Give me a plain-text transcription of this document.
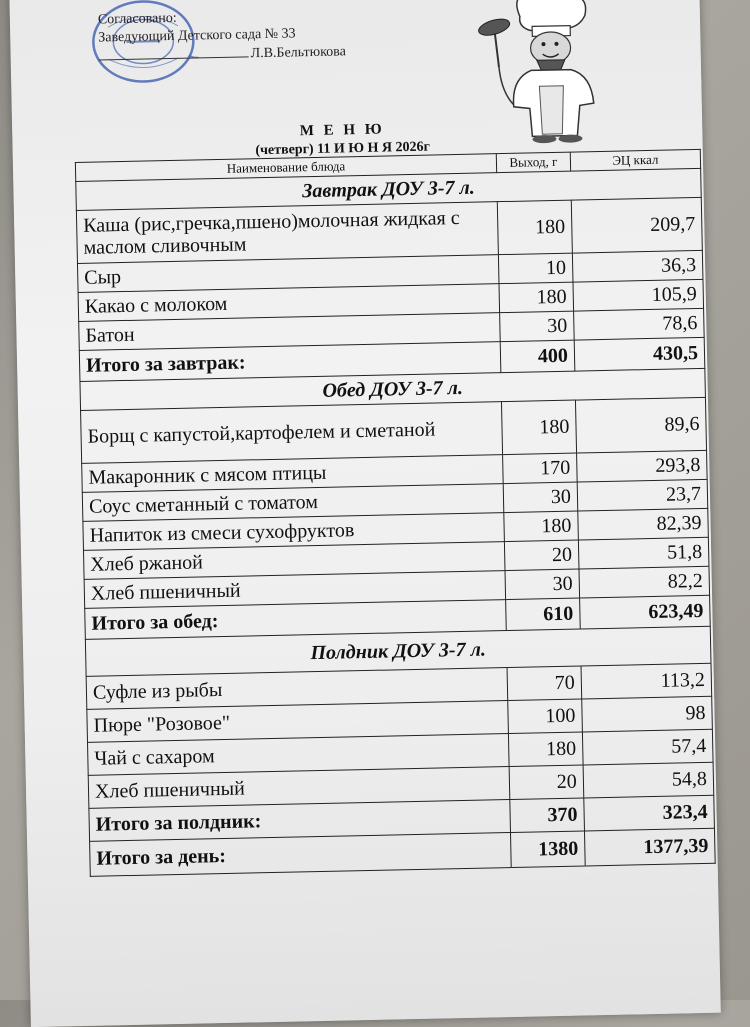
Согласовано:
Заведующий Детского сада № 33
Л.В.Бельтюкова
М Е Н Ю
(четверг) 11 И Ю Н Я 2026г
Наименование блюда	Выход, г	ЭЦ ккал
Завтрак ДОУ 3-7 л.		
Каша (рис,гречка,пшено)молочная жидкая с маслом сливочным	180	209,7
Сыр	10	36,3
Какао с молоком	180	105,9
Батон	30	78,6
Итого за завтрак:	400	430,5
Обед ДОУ 3-7 л.		
Борщ с капустой,картофелем и сметаной	180	89,6
Макаронник с мясом птицы	170	293,8
Соус сметанный с томатом	30	23,7
Напиток из смеси сухофруктов	180	82,39
Хлеб ржаной	20	51,8
Хлеб пшеничный	30	82,2
Итого за обед:	610	623,49
Полдник ДОУ 3-7 л.		
Суфле из рыбы	70	113,2
Пюре "Розовое"	100	98
Чай с сахаром	180	57,4
Хлеб пшеничный	20	54,8
Итого за полдник:	370	323,4
Итого за день:	1380	1377,39
